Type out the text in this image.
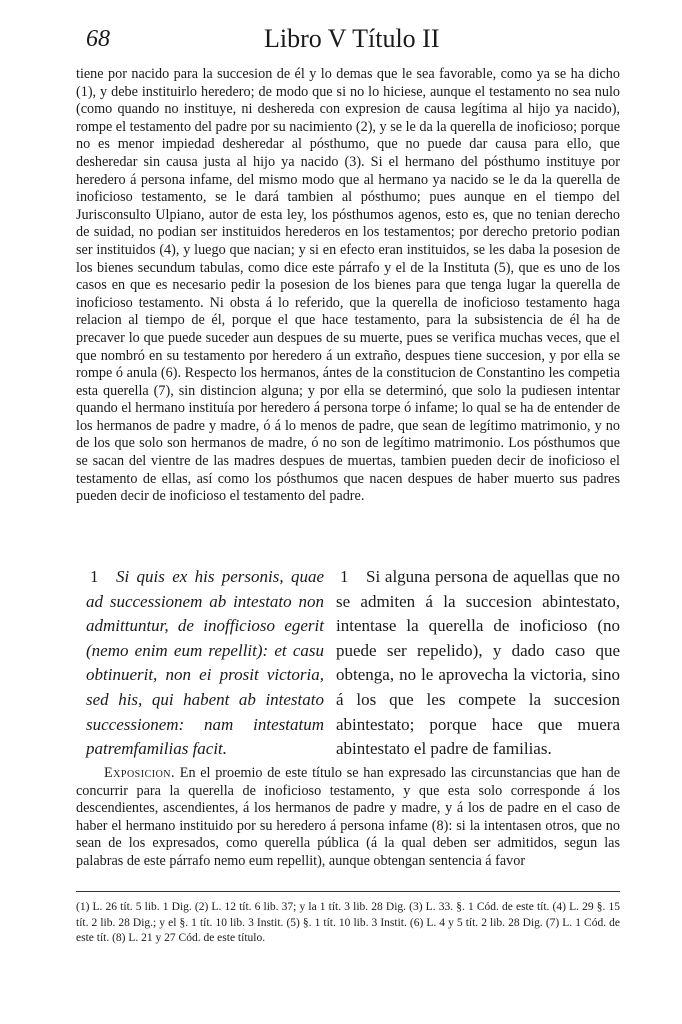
68	Libro V Título II
tiene por nacido para la succesion de él y lo demas que le sea favorable, como ya se ha dicho (1), y debe instituirlo heredero; de modo que si no lo hiciese, aunque el testamento no sea nulo (como quando no instituye, ni deshereda con expresion de causa legítima al hijo ya nacido), rompe el testamento del padre por su nacimiento (2), y se le da la querella de inoficioso; porque no es menor impiedad desheredar al pósthumo, que no puede dar causa para ello, que desheredar sin causa justa al hijo ya nacido (3). Si el hermano del pósthumo instituye por heredero á persona infame, del mismo modo que al hermano ya nacido se le da la querella de inoficioso testamento, se le dará tambien al pósthumo; pues aunque en el tiempo del Jurisconsulto Ulpiano, autor de esta ley, los pósthumos agenos, esto es, que no tenian derecho de suidad, no podian ser instituidos herederos en los testamentos; por derecho pretorio podian ser instituidos (4), y luego que nacian; y si en efecto eran instituidos, se les daba la posesion de los bienes secundum tabulas, como dice este párrafo y el de la Instituta (5), que es uno de los casos en que es necesario pedir la posesion de los bienes para que tenga lugar la querella de inoficioso testamento. Ni obsta á lo referido, que la querella de inoficioso testamento haga relacion al tiempo de él, porque el que hace testamento, para la subsistencia de él ha de precaver lo que puede suceder aun despues de su muerte, pues se verifica muchas veces, que el que nombró en su testamento por heredero á un extraño, despues tiene succesion, y por ella se rompe ó anula (6). Respecto los hermanos, ántes de la constitucion de Constantino les competia esta querella (7), sin distincion alguna; y por ella se determinó, que solo la pudiesen intentar quando el hermano instituía por heredero á persona torpe ó infame; lo qual se ha de entender de los hermanos de padre y madre, ó á lo menos de padre, que sean de legítimo matrimonio, y no de los que solo son hermanos de madre, ó no son de legítimo matrimonio. Los pósthumos que se sacan del vientre de las madres despues de muertas, tambien pueden decir de inoficioso el testamento de ellas, así como los pósthumos que nacen despues de haber muerto sus padres pueden decir de inoficioso el testamento del padre.
1 Si quis ex his personis, quae ad successionem ab intestato non admittuntur, de inofficioso egerit (nemo enim eum repellit): et casu obtinuerit, non ei prosit victoria, sed his, qui habent ab intestato successionem: nam intestatum patremfamilias facit.
1 Si alguna persona de aquellas que no se admiten á la succesion abintestato, intentase la querella de inoficioso (no puede ser repelido), y dado caso que obtenga, no le aprovecha la victoria, sino á los que les compete la succesion abintestato; porque hace que muera abintestato el padre de familias.
Exposicion. En el proemio de este título se han expresado las circunstancias que han de concurrir para la querella de inoficioso testamento, y que esta solo corresponde á los descendientes, ascendientes, á los hermanos de padre y madre, y á los de padre en el caso de haber el hermano instituido por su heredero á persona infame (8): si la intentasen otros, que no sean de los expresados, como querella pública (á la qual deben ser admitidos, segun las palabras de este párrafo nemo eum repellit), aunque obtengan sentencia á favor
(1) L. 26 tít. 5 lib. 1 Dig. (2) L. 12 tít. 6 lib. 37; y la 1 tít. 3 lib. 28 Dig. (3) L. 33. §. 1 Cód. de este tít. (4) L. 29 §. 15 tít. 2 lib. 28 Dig.; y el §. 1 tít. 10 lib. 3 Instit. (5) §. 1 tít. 10 lib. 3 Instit. (6) L. 4 y 5 tít. 2 lib. 28 Dig. (7) L. 1 Cód. de este tít. (8) L. 21 y 27 Cód. de este título.
